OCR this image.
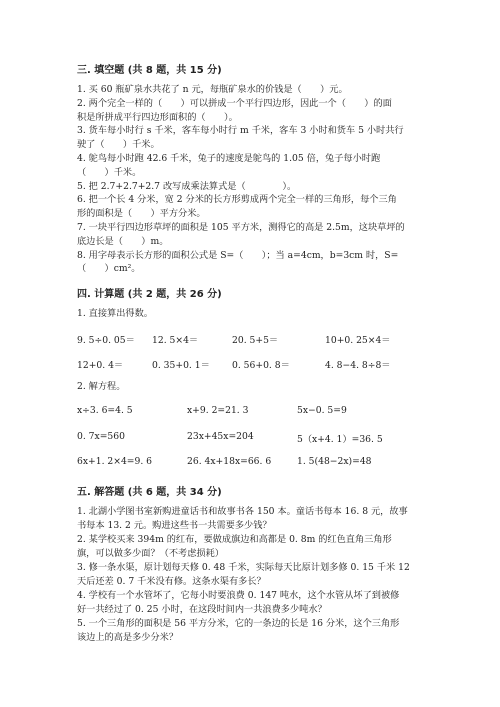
三. 填空题 (共 8 题，共 15 分)
1. 买 60 瓶矿泉水共花了 n 元，每瓶矿泉水的价钱是（　　）元。
2. 两个完全一样的（　　）可以拼成一个平行四边形，因此一个（　　）的面
积是所拼成平行四边形面积的（　　）。
3. 货车每小时行 s 千米，客车每小时行 m 千米，客车 3 小时和货车 5 小时共行
驶了（　　）千米。
4. 鸵鸟每小时跑 42.6 千米，兔子的速度是鸵鸟的 1.05 倍，兔子每小时跑
（　　）千米。
5. 把 2.7+2.7+2.7 改写成乘法算式是（　　　　）。
6. 把一个长 4 分米，宽 2 分米的长方形剪成两个完全一样的三角形，每个三角
形的面积是（　　）平方分米。
7. 一块平行四边形草坪的面积是 105 平方米，测得它的高是 2.5m，这块草坪的
底边长是（　　）m。
8. 用字母表示长方形的面积公式是 S=（　　）；当 a=4cm，b=3cm 时，S=
（　　）cm²。
四. 计算题 (共 2 题，共 26 分)
1. 直接算出得数。
9. 5÷0. 05＝ 12. 5×4＝	20. 5+5＝	10+0. 25×4＝
12+0. 4＝	0. 35+0. 1＝ 0. 56+0. 8＝	4. 8−4. 8÷8＝
2. 解方程。
x÷3. 6=4. 5	x+9. 2=21. 3	5x−0. 5=9
0. 7x=560	23x+45x=204	5（x+4. 1）=36. 5
6x+1. 2×4=9. 6	26. 4x+18x=66. 6	1. 5(48−2x)=48
五. 解答题 (共 6 题，共 34 分)
1. 北湖小学图书室新购进童话书和故事书各 150 本。童话书每本 16. 8 元，故事
书每本 13. 2 元。购进这些书一共需要多少钱？
2. 某学校买来 394m 的红布，要做成旗边和高都是 0. 8m 的红色直角三角形
旗，可以做多少面？（不考虑损耗）
3. 修一条水渠，原计划每天修 0. 48 千米，实际每天比原计划多修 0. 15 千米 12
天后还差 0. 7 千米没有修。这条水渠有多长？
4. 学校有一个水管坏了，它每小时要浪费 0. 147 吨水，这个水管从坏了到被修
好一共经过了 0. 25 小时，在这段时间内一共浪费多少吨水？
5. 一个三角形的面积是 56 平方分米，它的一条边的长是 16 分米，这个三角形
该边上的高是多少分米？
